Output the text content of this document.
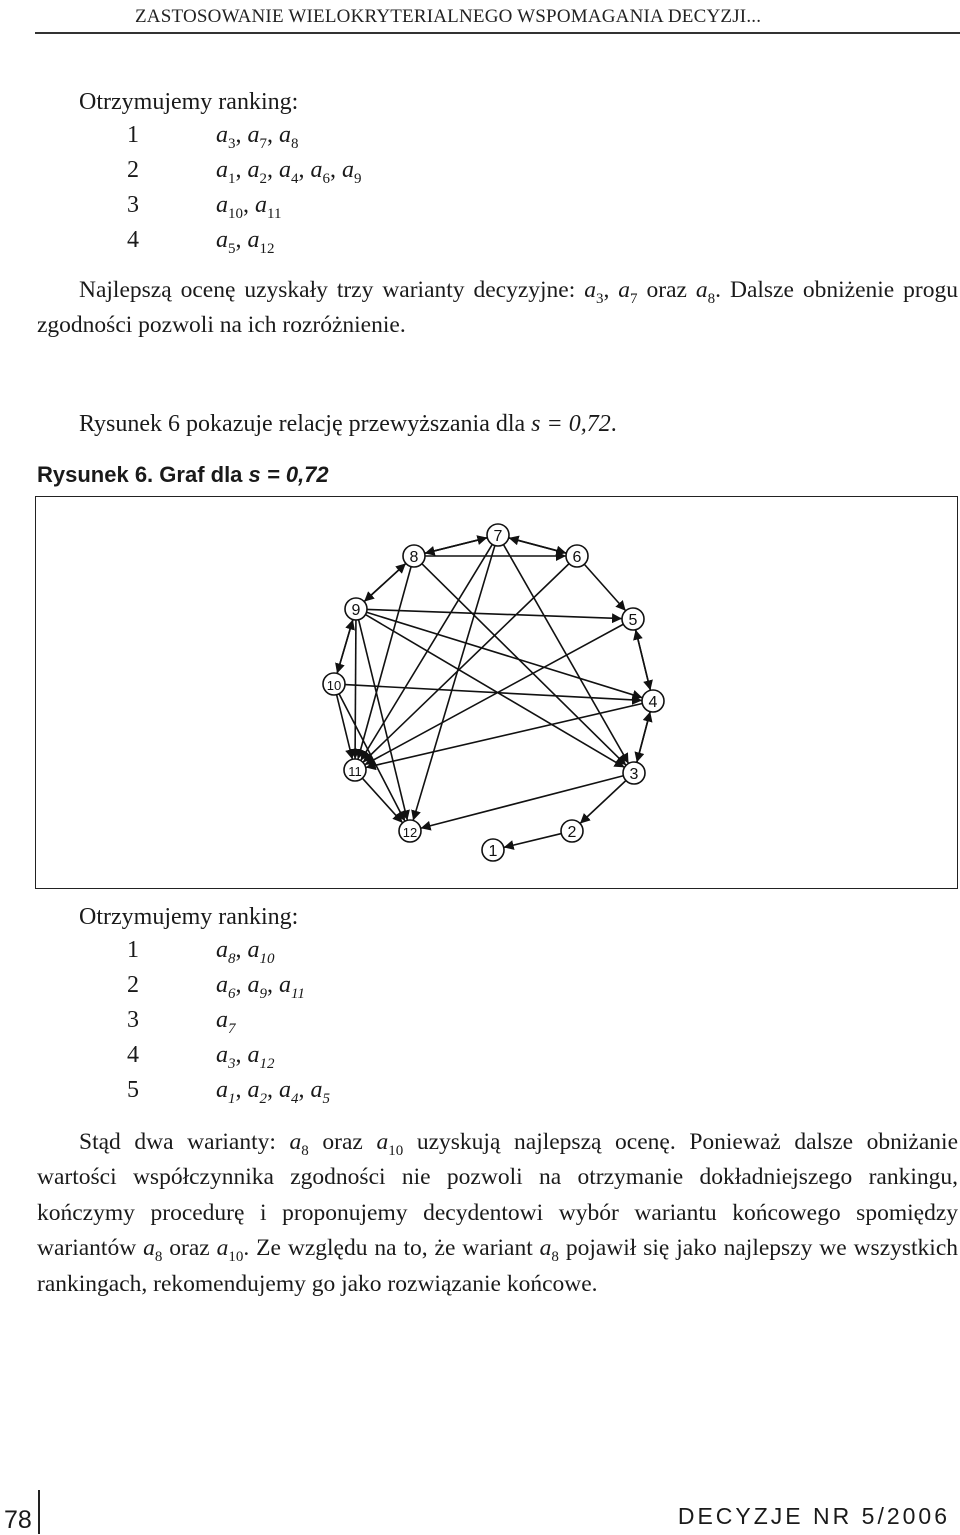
ZASTOSOWANIE WIELOKRYTERIALNEGO WSPOMAGANIA DECYZJI...
Otrzymujemy ranking:
1	$a_3$, $a_7$, $a_8$
2	$a_1$, $a_2$, $a_4$, $a_6$, $a_9$
3	$a_{10}$, $a_{11}$
4	$a_5$, $a_{12}$

Najlepszą ocenę uzyskały trzy warianty decyzyjne: $a_3$, $a_7$ oraz $a_8$. Dalsze obniżenie progu zgodności pozwoli na ich rozróżnienie.

Rysunek 6 pokazuje relację przewyższania dla s = 0,72.
Rysunek 6. Graf dla s = 0,72
1
2
3
4
5
6
7
8
9
10
11
12
Otrzymujemy ranking:
1	$a_8$, $a_{10}$
2	$a_6$, $a_9$, $a_{11}$
3	$a_7$
4	$a_3$, $a_{12}$
5	$a_1$, $a_2$, $a_4$, $a_5$

Stąd dwa warianty: $a_8$ oraz $a_{10}$ uzyskują najlepszą ocenę. Ponieważ dalsze obniżanie wartości współczynnika zgodności nie pozwoli na otrzymanie dokładniejszego rankingu, kończymy procedurę i proponujemy decydentowi wybór wariantu końcowego spomiędzy wariantów $a_8$ oraz $a_{10}$. Ze względu na to, że wariant $a_8$ pojawił się jako najlepszy we wszystkich rankingach, rekomendujemy go jako rozwiązanie końcowe.

78	DECYZJE NR 5/2006
